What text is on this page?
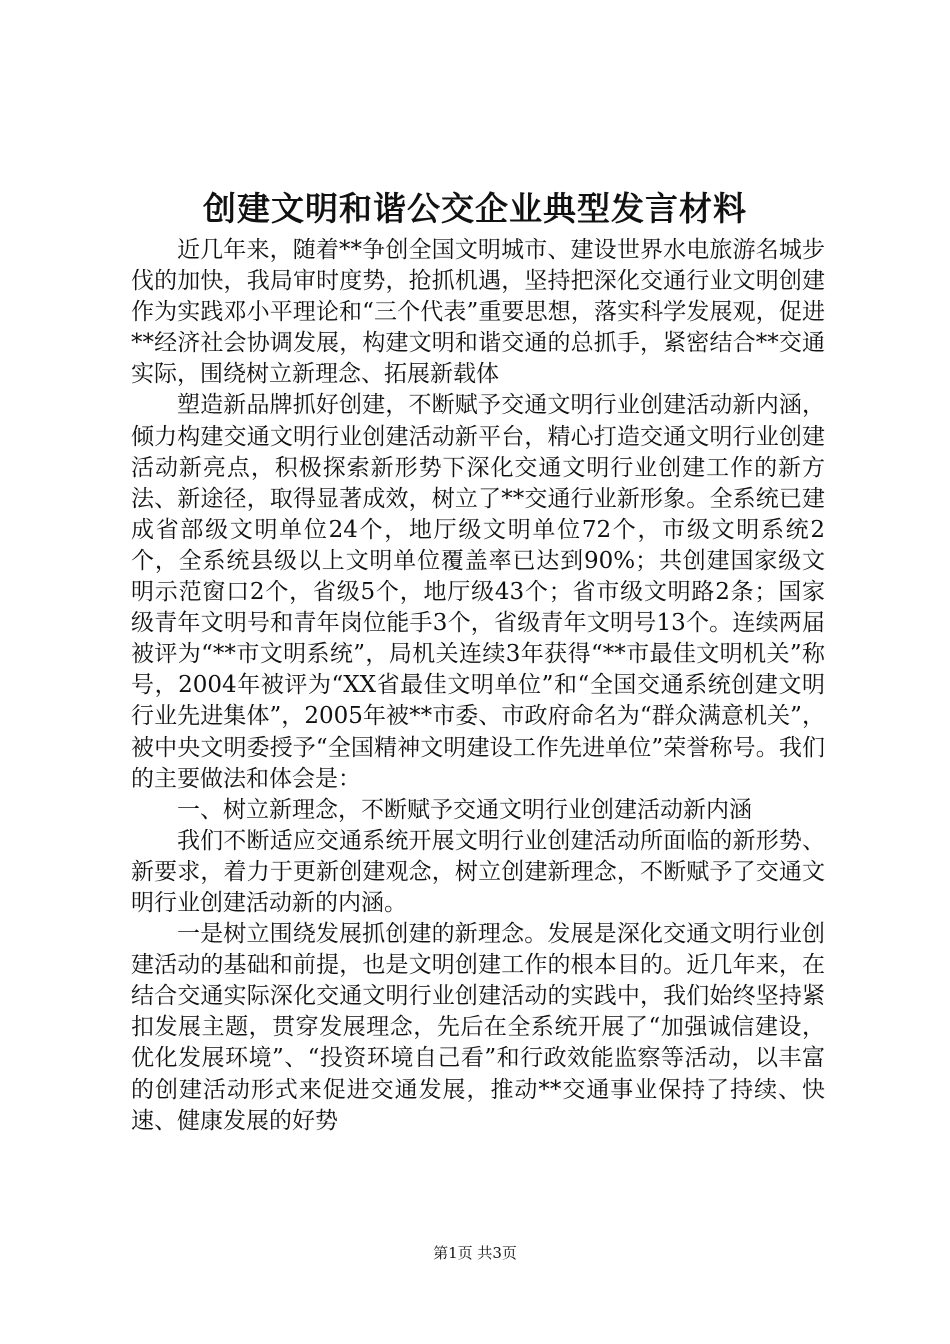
创建文明和谐公交企业典型发言材料

近几年来，随着**争创全国文明城市、建设世界水电旅游名城步伐的加快，我局审时度势，抢抓机遇，坚持把深化交通行业文明创建作为实践邓小平理论和“三个代表”重要思想，落实科学发展观，促进**经济社会协调发展，构建文明和谐交通的总抓手，紧密结合**交通实际，围绕树立新理念、拓展新载体

塑造新品牌抓好创建，不断赋予交通文明行业创建活动新内涵，倾力构建交通文明行业创建活动新平台，精心打造交通文明行业创建活动新亮点，积极探索新形势下深化交通文明行业创建工作的新方法、新途径，取得显著成效，树立了**交通行业新形象。全系统已建成省部级文明单位24个，地厅级文明单位72个，市级文明系统2个，全系统县级以上文明单位覆盖率已达到90%；共创建国家级文明示范窗口2个，省级5个，地厅级43个；省市级文明路2条；国家级青年文明号和青年岗位能手3个，省级青年文明号13个。连续两届被评为“**市文明系统”，局机关连续3年获得“**市最佳文明机关”称号，2004年被评为“XX省最佳文明单位”和“全国交通系统创建文明行业先进集体”，2005年被**市委、市政府命名为“群众满意机关”，被中央文明委授予“全国精神文明建设工作先进单位”荣誉称号。我们的主要做法和体会是：

一、树立新理念，不断赋予交通文明行业创建活动新内涵

我们不断适应交通系统开展文明行业创建活动所面临的新形势、新要求，着力于更新创建观念，树立创建新理念，不断赋予了交通文明行业创建活动新的内涵。

一是树立围绕发展抓创建的新理念。发展是深化交通文明行业创建活动的基础和前提，也是文明创建工作的根本目的。近几年来，在结合交通实际深化交通文明行业创建活动的实践中，我们始终坚持紧扣发展主题，贯穿发展理念，先后在全系统开展了“加强诚信建设，优化发展环境”、“投资环境自己看”和行政效能监察等活动，以丰富的创建活动形式来促进交通发展，推动**交通事业保持了持续、快速、健康发展的好势

第1页 共3页
